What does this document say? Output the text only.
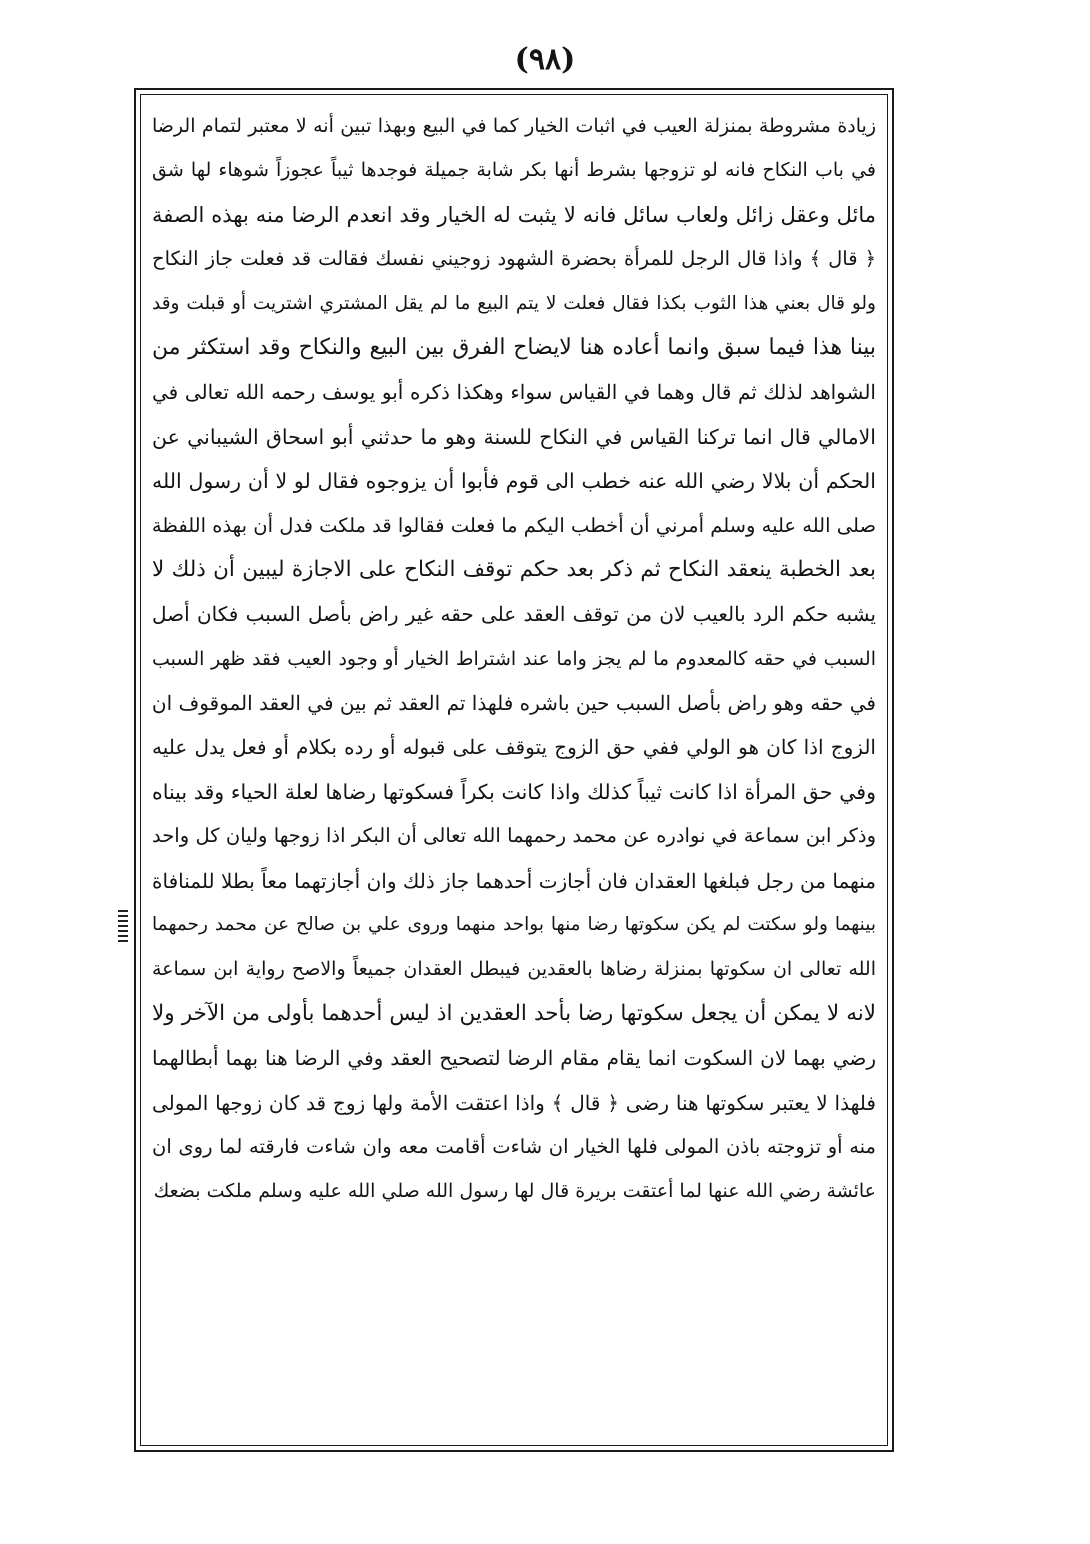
(٩٨)
زيادة مشروطة بمنزلة العيب في اثبات الخيار كما في البيع وبهذا تبين أنه لا معتبر لتمام الرضا
في باب النكاح فانه لو تزوجها بشرط أنها بكر شابة جميلة فوجدها ثيباً عجوزاً شوهاء لها شق
مائل وعقل زائل ولعاب سائل فانه لا يثبت له الخيار وقد انعدم الرضا منه بهذه الصفة
﴿ قال ﴾ واذا قال الرجل للمرأة بحضرة الشهود زوجيني نفسك فقالت قد فعلت جاز النكاح
ولو قال بعني هذا الثوب بكذا فقال فعلت لا يتم البيع ما لم يقل المشتري اشتريت أو قبلت وقد
بينا هذا فيما سبق وانما أعاده هنا لايضاح الفرق بين البيع والنكاح وقد استكثر من
الشواهد لذلك ثم قال وهما في القياس سواء وهكذا ذكره أبو يوسف رحمه الله تعالى في
الامالي قال انما تركنا القياس في النكاح للسنة وهو ما حدثني أبو اسحاق الشيباني عن
الحكم أن بلالا رضي الله عنه خطب الى قوم فأبوا أن يزوجوه فقال لو لا أن رسول الله
صلى الله عليه وسلم أمرني أن أخطب اليكم ما فعلت فقالوا قد ملكت فدل أن بهذه اللفظة
بعد الخطبة ينعقد النكاح ثم ذكر بعد حكم توقف النكاح على الاجازة ليبين أن ذلك لا
يشبه حكم الرد بالعيب لان من توقف العقد على حقه غير راض بأصل السبب فكان أصل
السبب في حقه كالمعدوم ما لم يجز واما عند اشتراط الخيار أو وجود العيب فقد ظهر السبب
في حقه وهو راض بأصل السبب حين باشره فلهذا تم العقد ثم بين في العقد الموقوف ان
الزوج اذا كان هو الولي ففي حق الزوج يتوقف على قبوله أو رده بكلام أو فعل يدل عليه
وفي حق المرأة اذا كانت ثيباً كذلك واذا كانت بكراً فسكوتها رضاها لعلة الحياء وقد بيناه
وذكر ابن سماعة في نوادره عن محمد رحمهما الله تعالى أن البكر اذا زوجها وليان كل واحد
منهما من رجل فبلغها العقدان فان أجازت أحدهما جاز ذلك وان أجازتهما معاً بطلا للمنافاة
بينهما ولو سكتت لم يكن سكوتها رضا منها بواحد منهما وروى علي بن صالح عن محمد رحمهما
الله تعالى ان سكوتها بمنزلة رضاها بالعقدين فيبطل العقدان جميعاً والاصح رواية ابن سماعة
لانه لا يمكن أن يجعل سكوتها رضا بأحد العقدين اذ ليس أحدهما بأولى من الآخر ولا
رضي بهما لان السكوت انما يقام مقام الرضا لتصحيح العقد وفي الرضا هنا بهما أبطالهما
فلهذا لا يعتبر سكوتها هنا رضى ﴿ قال ﴾ واذا اعتقت الأمة ولها زوج قد كان زوجها المولى
منه أو تزوجته باذن المولى فلها الخيار ان شاءت أقامت معه وان شاءت فارقته لما روى ان
عائشة رضي الله عنها لما أعتقت بريرة قال لها رسول الله صلي الله عليه وسلم ملكت بضعك
